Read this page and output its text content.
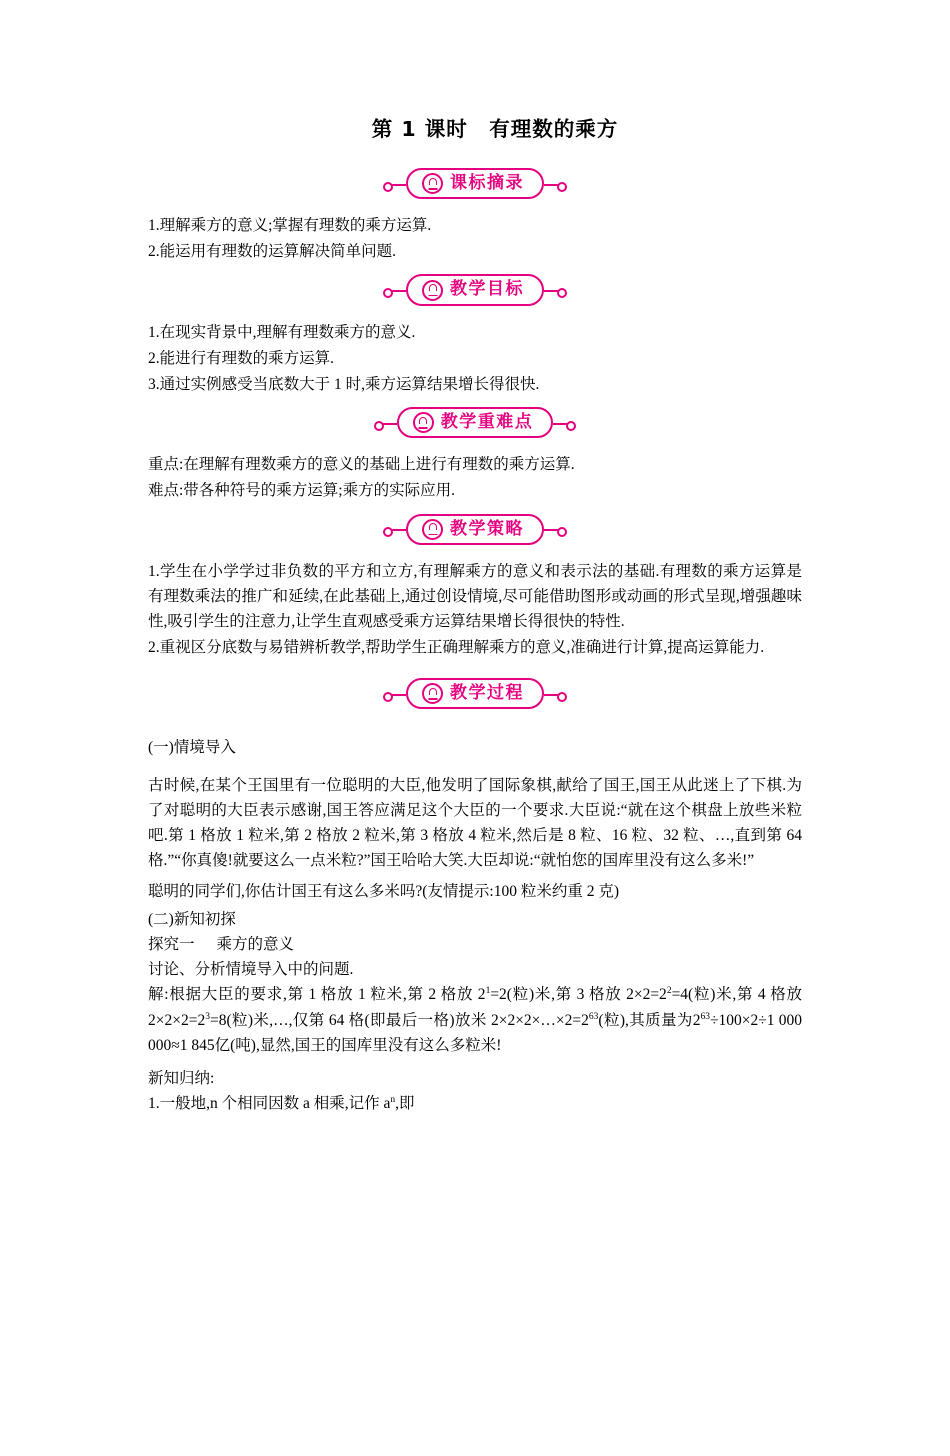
第 1 课时　有理数的乘方
课标摘录

1.理解乘方的意义;掌握有理数的乘方运算.

2.能运用有理数的运算解决简单问题.

教学目标

1.在现实背景中,理解有理数乘方的意义.

2.能进行有理数的乘方运算.

3.通过实例感受当底数大于 1 时,乘方运算结果增长得很快.

教学重难点

重点:在理解有理数乘方的意义的基础上进行有理数的乘方运算.

难点:带各种符号的乘方运算;乘方的实际应用.

教学策略

1.学生在小学学过非负数的平方和立方,有理解乘方的意义和表示法的基础.有理数的乘方运算是有理数乘法的推广和延续,在此基础上,通过创设情境,尽可能借助图形或动画的形式呈现,增强趣味性,吸引学生的注意力,让学生直观感受乘方运算结果增长得很快的特性.

2.重视区分底数与易错辨析教学,帮助学生正确理解乘方的意义,准确进行计算,提高运算能力.

教学过程

(一)情境导入

古时候,在某个王国里有一位聪明的大臣,他发明了国际象棋,献给了国王,国王从此迷上了下棋.为了对聪明的大臣表示感谢,国王答应满足这个大臣的一个要求.大臣说:“就在这个棋盘上放些米粒吧.第 1 格放 1 粒米,第 2 格放 2 粒米,第 3 格放 4 粒米,然后是 8 粒、16 粒、32 粒、…,直到第 64 格.”“你真傻!就要这么一点米粒?”国王哈哈大笑.大臣却说:“就怕您的国库里没有这么多米!”

聪明的同学们,你估计国王有这么多米吗?(友情提示:100 粒米约重 2 克)

(二)新知初探

探究一 乘方的意义

讨论、分析情境导入中的问题.

解:根据大臣的要求,第 1 格放 1 粒米,第 2 格放 $2^1=2$(粒)米,第 3 格放 $2\times 2=2^2=4$(粒)米,第 4 格放 $2\times 2\times 2=2^3=8$(粒)米,…,仅第 64 格(即最后一格)放米 $2\times 2\times 2\times\dots\times 2=2^{63}$(粒),其质量为$2^{63}\div 100\times 2\div 1$ 000 000≈1 845亿(吨),显然,国王的国库里没有这么多粒米!

新知归纳:

1.一般地,n 个相同因数 a 相乘,记作 $a^n$,即
